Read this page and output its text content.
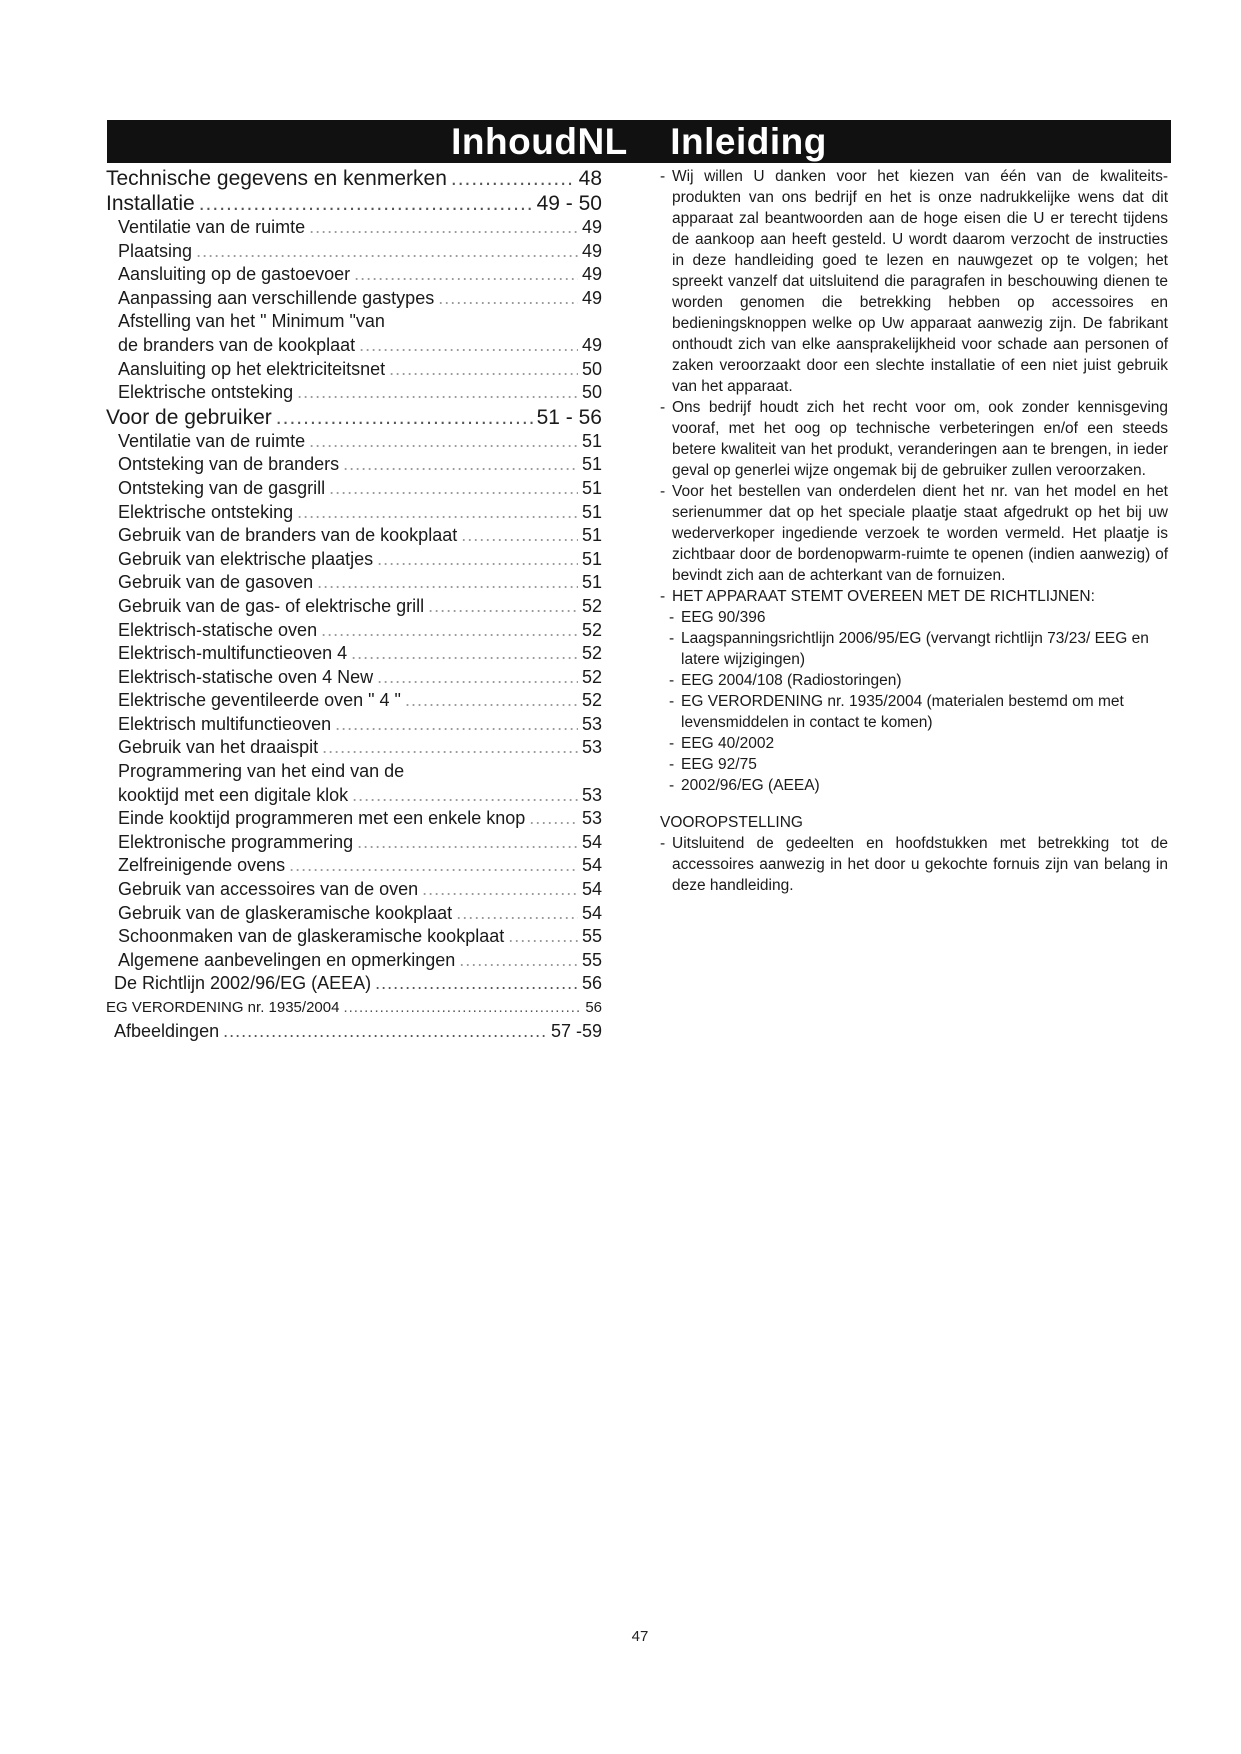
InhoudNL    Inleiding
Technische gegevens en kenmerken .....	48
Installatie .....	49 - 50
Ventilatie van de ruimte .....	49
Plaatsing .....	49
Aansluiting op de gastoevoer .....	49
Aanpassing aan verschillende gastypes .....	49
Afstelling van het " Minimum "van
de branders van de kookplaat .....	49
Aansluiting op het elektriciteitsnet .....	50
Elektrische ontsteking .....	50
Voor de gebruiker .....	51 - 56
Ventilatie van de ruimte .....	51
Ontsteking van de branders .....	51
Ontsteking van de gasgrill .....	51
Elektrische ontsteking .....	51
Gebruik van de branders van de kookplaat .....	51
Gebruik van elektrische plaatjes .....	51
Gebruik van de gasoven .....	51
Gebruik van de gas- of elektrische grill .....	52
Elektrisch-statische oven .....	52
Elektrisch-multifunctieoven 4 .....	52
Elektrisch-statische oven 4 New .....	52
Elektrische geventileerde oven " 4 " .....	52
Elektrisch multifunctieoven .....	53
Gebruik van het draaispit .....	53
Programmering van het eind van de
kooktijd met een digitale klok .....	53
Einde kooktijd programmeren met een enkele knop .....	53
Elektronische programmering .....	54
Zelfreinigende ovens .....	54
Gebruik van accessoires van de oven .....	54
Gebruik van de glaskeramische kookplaat .....	54
Schoonmaken van de glaskeramische kookplaat .....	55
Algemene aanbevelingen en opmerkingen .....	55
De Richtlijn 2002/96/EG (AEEA) .....	56
EG VERORDENING nr. 1935/2004 .....	56
Afbeeldingen .....	57 -59
- Wij willen U danken voor het kiezen van één van de kwaliteits- produkten van ons bedrijf en het is onze nadrukkelijke wens dat dit apparaat zal beantwoorden aan de hoge eisen die U er terecht tijdens de aankoop aan heeft gesteld. U wordt daarom verzocht de instructies in deze handleiding goed te lezen en nauwgezet op te volgen; het spreekt vanzelf dat uitsluitend die paragrafen in beschouwing dienen te worden genomen die betrekking hebben op accessoires en bedieningsknoppen welke op Uw apparaat aanwezig zijn. De fabrikant onthoudt zich van elke aansprakelijkheid voor schade aan personen of zaken veroorzaakt door een slechte installatie of een niet juist gebruik van het apparaat.
- Ons bedrijf houdt zich het recht voor om, ook zonder kennisgeving vooraf, met het oog op technische verbeteringen en/of een steeds betere kwaliteit van het produkt, veranderingen aan te brengen, in ieder geval op generlei wijze ongemak bij de gebruiker zullen veroorzaken.
- Voor het bestellen van onderdelen dient het nr. van het model en het serienummer dat op het speciale plaatje staat afgedrukt op het bij uw wederverkoper ingediende verzoek te worden vermeld. Het plaatje is zichtbaar door de bordenopwarm-ruimte te openen (indien aanwezig) of bevindt zich aan de achterkant van de fornuizen.
- HET APPARAAT STEMT OVEREEN MET DE RICHTLIJNEN:
- EEG 90/396
- Laagspanningsrichtlijn 2006/95/EG (vervangt richtlijn 73/23/ EEG en latere wijzigingen)
- EEG 2004/108 (Radiostoringen)
- EG VERORDENING nr. 1935/2004 (materialen bestemd om met levensmiddelen in contact te komen)
- EEG 40/2002
- EEG 92/75
- 2002/96/EG (AEEA)
VOOROPSTELLING
- Uitsluitend de gedeelten en hoofdstukken met betrekking tot de accessoires aanwezig in het door u gekochte fornuis zijn van belang in deze handleiding.
47
